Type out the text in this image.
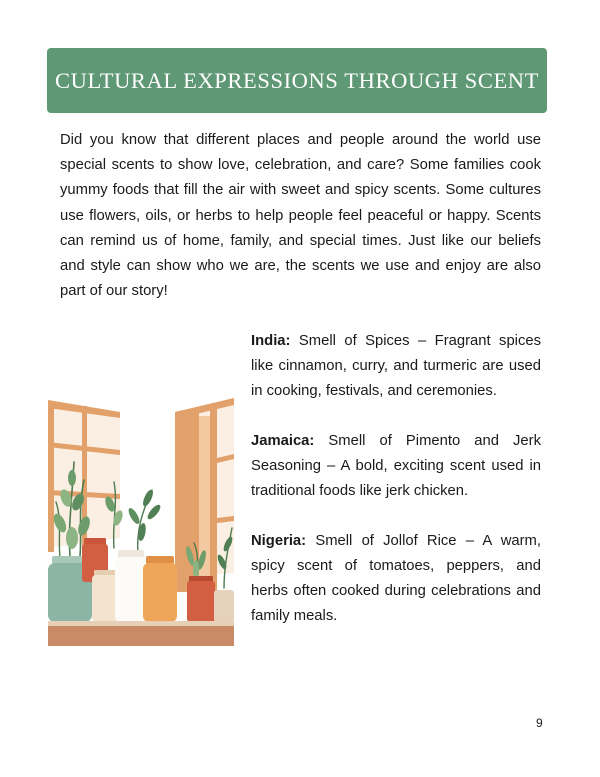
CULTURAL EXPRESSIONS THROUGH SCENT

Did you know that different places and people around the world use special scents to show love, celebration, and care? Some families cook yummy foods that fill the air with sweet and spicy scents. Some cultures use flowers, oils, or herbs to help people feel peaceful or happy. Scents can remind us of home, family, and special times. Just like our beliefs and style can show who we are, the scents we use and enjoy are also part of our story!

India: Smell of Spices – Fragrant spices like cinnamon, curry, and turmeric are used in cooking, festivals, and ceremonies.

Jamaica: Smell of Pimento and Jerk Seasoning – A bold, exciting scent used in traditional foods like jerk chicken.

Nigeria: Smell of Jollof Rice – A warm, spicy scent of tomatoes, peppers, and herbs often cooked during celebrations and family meals.

9
